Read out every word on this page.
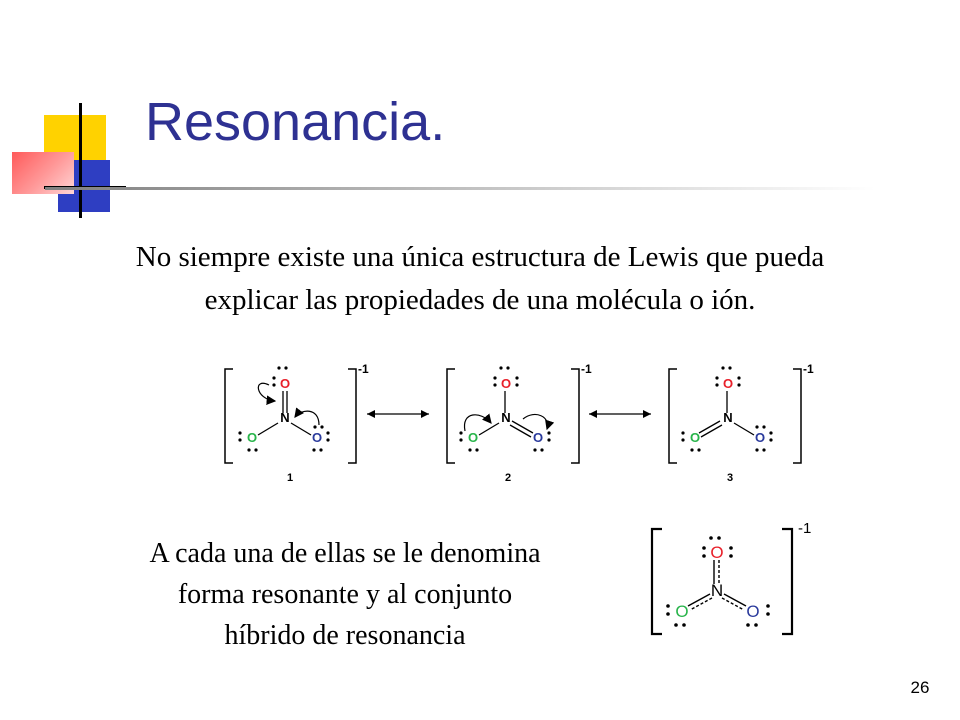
Resonancia.
No siempre existe una única estructura de Lewis que pueda
explicar las propiedades de una molécula o ión.
-1
N
O
O	O
1
-1
N
O
O	O
2
-1
N
O
O	O
3
A cada una de ellas se le denomina
forma resonante y al conjunto
híbrido de resonancia
-1
N
O
O	O
26
